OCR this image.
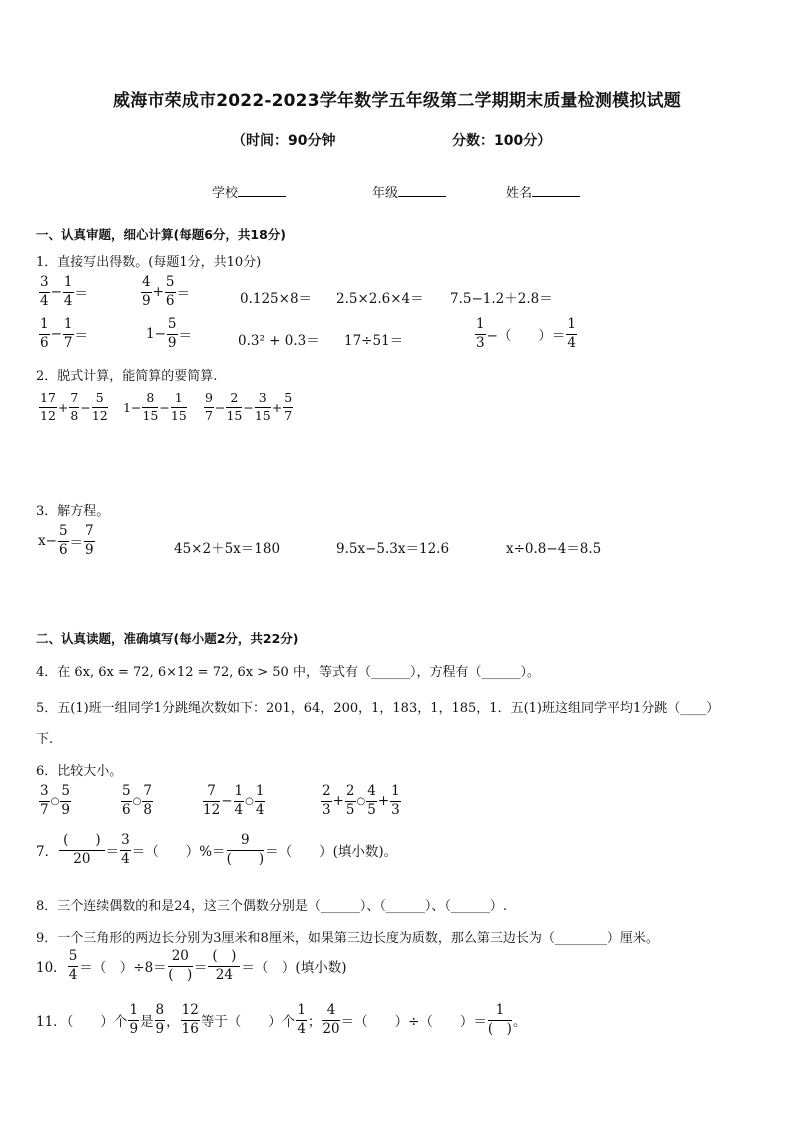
威海市荣成市2022-2023学年数学五年级第二学期期末质量检测模拟试题
（时间：90分钟	分数：100分）
学校	年级	姓名
一、认真审题，细心计算(每题6分，共18分)
1．直接写出得数。(每题1分，共10分)
$\frac{3}{4} - \frac{1}{4}$ ＝	$\frac{4}{9} + \frac{5}{6}$ ＝	0.125×8＝ 2.5×2.6×4＝ 7.5−1.2＋2.8＝
$\frac{1}{6} - \frac{1}{7}$ ＝	$1- \frac{5}{9}$ ＝	0.3² + 0.3＝ 17÷51＝	$\frac{1}{3}$ −（　　）＝ $\frac{1}{4}$
2．脱式计算，能简算的要简算.
$\frac{17}{12} + \frac{7}{8} - \frac{5}{12} 1- \frac{8}{15} - \frac{1}{15} \frac{9}{7} - \frac{2}{15} - \frac{3}{15} + \frac{5}{7}$
3．解方程。
$x- \frac{5}{6} = \frac{7}{9}$	45×2＋5x＝180	9.5x−5.3x＝12.6	x÷0.8−4＝8.5
二、认真读题，准确填写(每小题2分，共22分)
4．在 6x, 6x = 72, 6×12 = 72, 6x > 50 中，等式有（______），方程有（______）。
5．五(1)班一组同学1分跳绳次数如下：201，64，200，1，183，1，185，1．五(1)班这组同学平均1分跳（____）
下.
6．比较大小。
$\frac{3}{7}$ ○ $\frac{5}{9}$	$\frac{5}{6}$ ○ $\frac{7}{8}$	$\frac{7}{12} - \frac{1}{4}$ ○ $\frac{1}{4}$	$\frac{2}{3} + \frac{2}{5}$ ○ $\frac{4}{5} + \frac{1}{3}$
7． $\frac{( )}{20} = \frac{3}{4}$ ＝（　　）%＝ $\frac{9}{( )}$ ＝（　　）(填小数)。
8．三个连续偶数的和是24，这三个偶数分别是（______）、（______）、（______）.
9．一个三角形的两边长分别为3厘米和8厘米，如果第三边长度为质数，那么第三边长为（________）厘米。
10． $\frac{5}{4}$ ＝（　）$\div 8= \frac{20}{( )} = \frac{( )}{24}$ ＝（　）(填小数)
11．（　　）个 $\frac{1}{9}$ 是 $\frac{8}{9}$ ， $\frac{12}{16}$ 等于（　　）个 $\frac{1}{4}$ ； $\frac{4}{20}$ ＝（　　）÷（　　）＝ $\frac{1}{( )}$ 。
